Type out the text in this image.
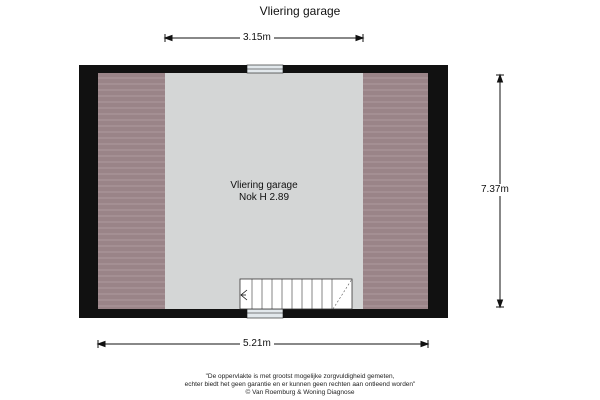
Vliering garage
3.15m
7.37m
5.21m
Vliering garage
Nok H 2.89
"De oppervlakte is met grootst mogelijke zorgvuldigheid gemeten,
echter biedt het geen garantie en er kunnen geen rechten aan ontleend worden"
© Van Roemburg & Woning Diagnose
